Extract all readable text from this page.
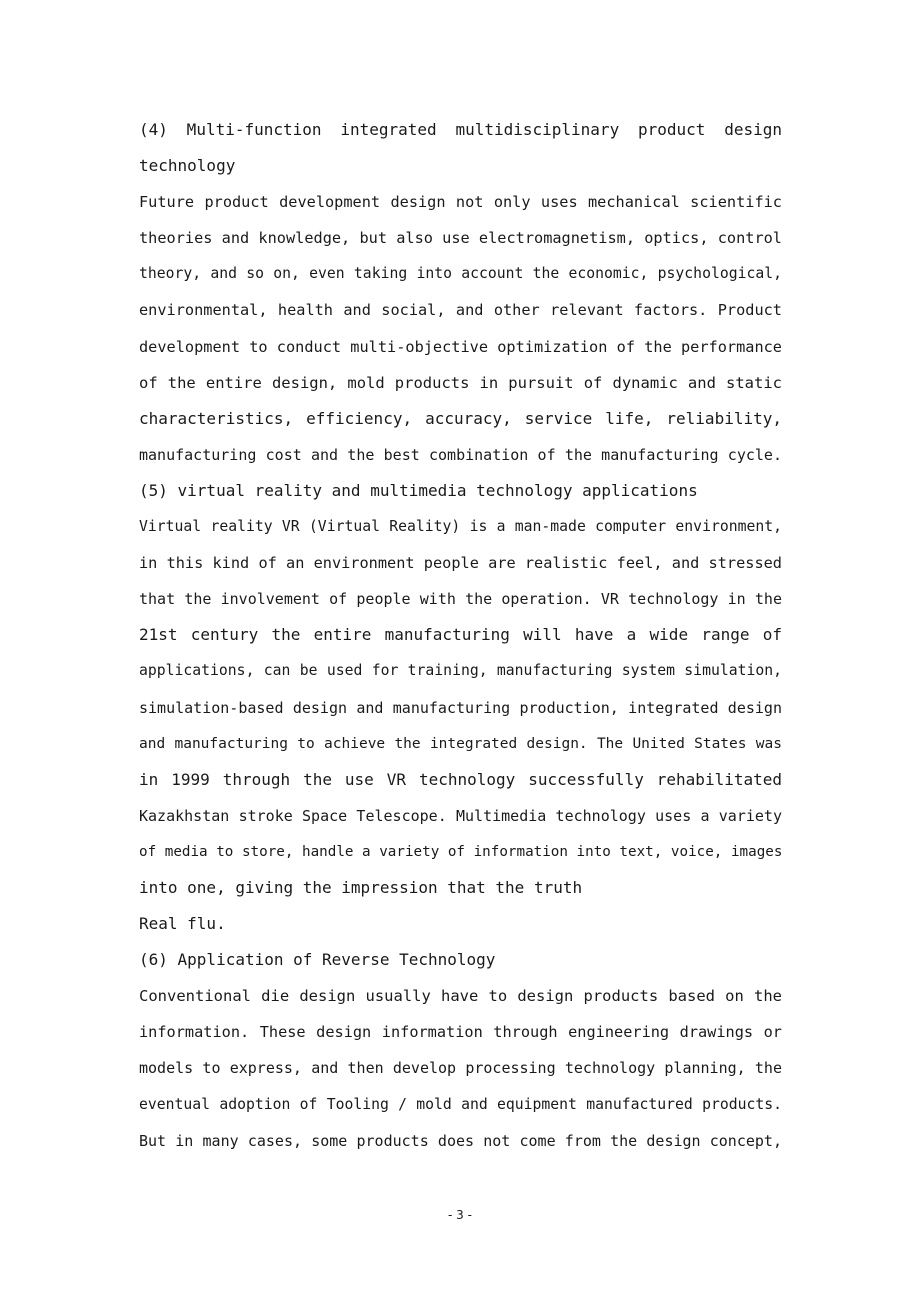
(4) Multi-function integrated multidisciplinary product design
technology
Future product development design not only uses mechanical scientific
theories and knowledge, but also use electromagnetism, optics, control
theory, and so on, even taking into account the economic, psychological,
environmental, health and social, and other relevant factors. Product
development to conduct multi-objective optimization of the performance
of the entire design, mold products in pursuit of dynamic and static
characteristics, efficiency, accuracy, service life, reliability,
manufacturing cost and the best combination of the manufacturing cycle.
(5) virtual reality and multimedia technology applications
Virtual reality VR (Virtual Reality) is a man-made computer environment,
in this kind of an environment people are realistic feel, and stressed
that the involvement of people with the operation. VR technology in the
21st century the entire manufacturing will have a wide range of
applications, can be used for training, manufacturing system simulation,
simulation-based design and manufacturing production, integrated design
and manufacturing to achieve the integrated design. The United States was
in 1999 through the use VR technology successfully rehabilitated
Kazakhstan stroke Space Telescope. Multimedia technology uses a variety
of media to store, handle a variety of information into text, voice, images
into one, giving the impression that the truth
Real flu.
(6) Application of Reverse Technology
Conventional die design usually have to design products based on the
information. These design information through engineering drawings or
models to express, and then develop processing technology planning, the
eventual adoption of Tooling / mold and equipment manufactured products.
But in many cases, some products does not come from the design concept,
- 3 -
